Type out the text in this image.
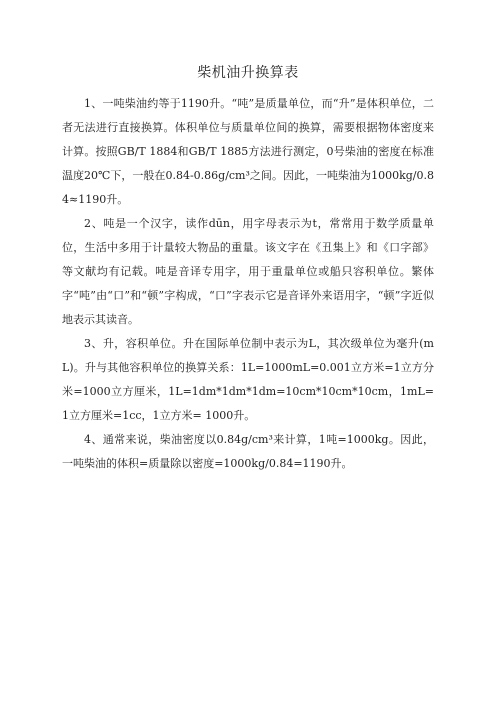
柴机油升换算表

1、一吨柴油约等于1190升。“吨”是质量单位，而“升”是体积单位，二者无法进行直接换算。体积单位与质量单位间的换算，需要根据物体密度来计算。按照GB/T 1884和GB/T 1885方法进行测定，0号柴油的密度在标准温度20℃下，一般在0.84-0.86g/cm³之间。因此，一吨柴油为1000kg/0.84≈1190升。

2、吨是一个汉字，读作dūn，用字母表示为t，常常用于数学质量单位，生活中多用于计量较大物品的重量。该文字在《丑集上》和《口字部》等文献均有记载。吨是音译专用字，用于重量单位或船只容积单位。繁体字“吨”由“口”和“顿”字构成，“口”字表示它是音译外来语用字，“顿”字近似地表示其读音。

3、升，容积单位。升在国际单位制中表示为L，其次级单位为毫升(mL)。升与其他容积单位的换算关系：1L=1000mL=0.001立方米=1立方分米=1000立方厘米，1L=1dm*1dm*1dm=10cm*10cm*10cm，1mL=1立方厘米=1cc，1立方米= 1000升。

4、通常来说，柴油密度以0.84g/cm³来计算，1吨=1000kg。因此，一吨柴油的体积=质量除以密度=1000kg/0.84=1190升。
